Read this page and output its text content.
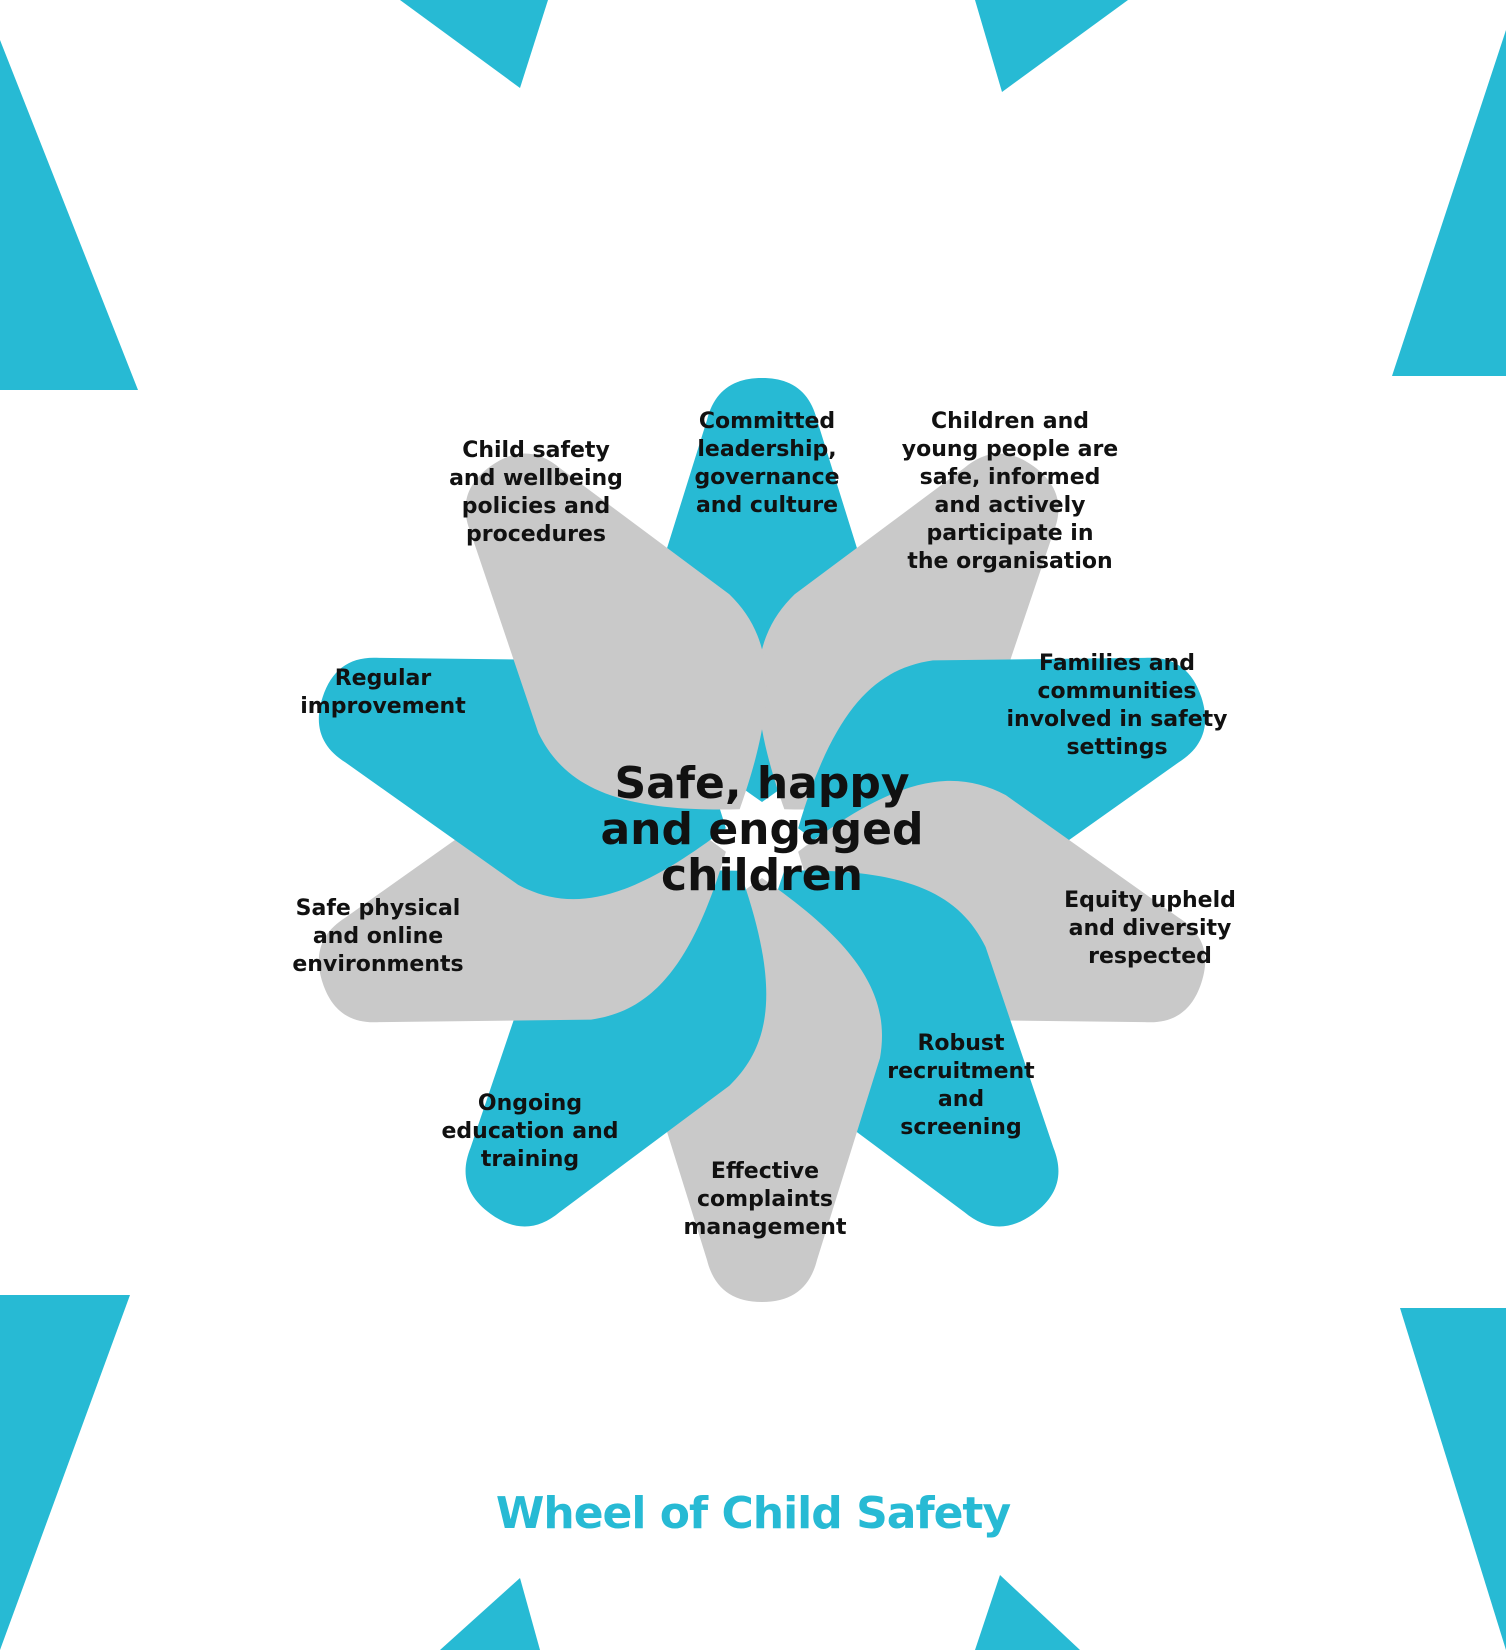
Committed leadership, governance and culture
Children and young people are safe, informed and actively participate in the organisation
Families and communities involved in safety settings
Equity upheld and diversity respected
Robust recruitment and screening
Effective complaints management
Ongoing education and training
Safe physical and online environments
Regular improvement
Child safety and wellbeing policies and procedures
Safe, happy and engaged children
Wheel of Child Safety
